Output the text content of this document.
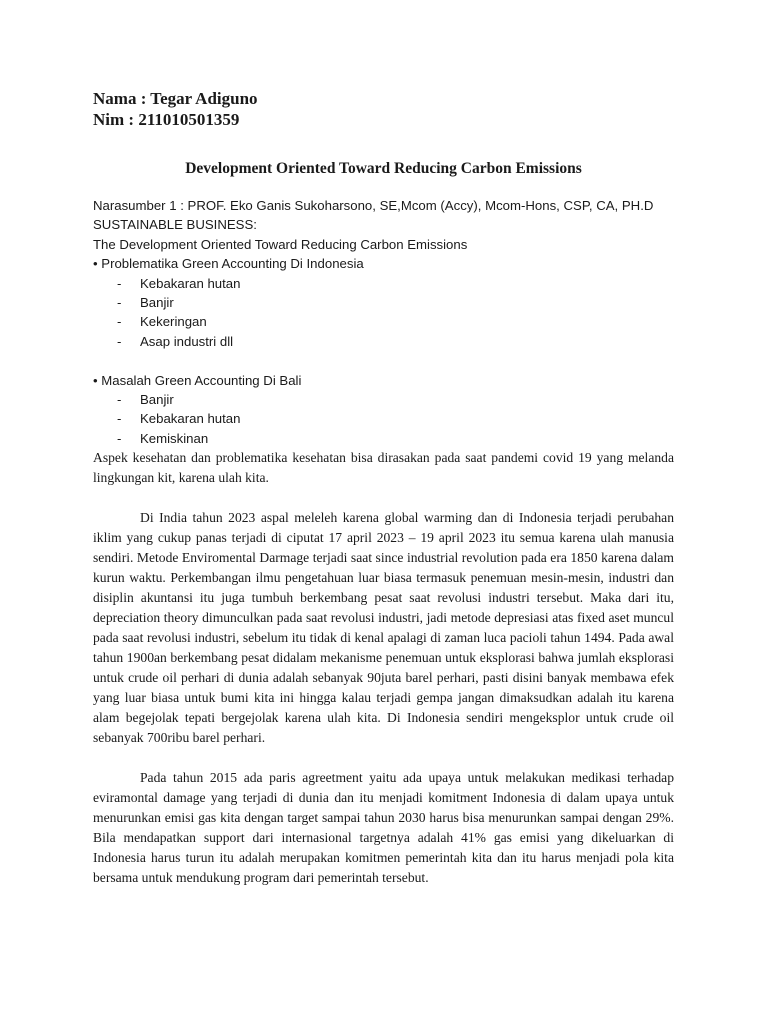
Nama : Tegar Adiguno

Nim : 211010501359

Development Oriented Toward Reducing Carbon Emissions

Narasumber 1 : PROF. Eko Ganis Sukoharsono, SE,Mcom (Accy), Mcom-Hons, CSP, CA, PH.D

SUSTAINABLE BUSINESS:

The Development Oriented Toward Reducing Carbon Emissions

• Problematika Green Accounting Di Indonesia

- Kebakaran hutan
- Banjir
- Kekeringan
- Asap industri dll

• Masalah Green Accounting Di Bali

- Banjir
- Kebakaran hutan
- Kemiskinan

Aspek kesehatan dan problematika kesehatan bisa dirasakan pada saat pandemi covid 19 yang melanda lingkungan kit, karena ulah kita.

Di India tahun 2023 aspal meleleh karena global warming dan di Indonesia terjadi perubahan iklim yang cukup panas terjadi di ciputat 17 april 2023 – 19 april 2023 itu semua karena ulah manusia sendiri. Metode Enviromental Darmage terjadi saat since industrial revolution pada era 1850 karena dalam kurun waktu. Perkembangan ilmu pengetahuan luar biasa termasuk penemuan mesin-mesin, industri dan disiplin akuntansi itu juga tumbuh berkembang pesat saat revolusi industri tersebut. Maka dari itu, depreciation theory dimunculkan pada saat revolusi industri, jadi metode depresiasi atas fixed aset muncul pada saat revolusi industri, sebelum itu tidak di kenal apalagi di zaman luca pacioli tahun 1494. Pada awal tahun 1900an berkembang pesat didalam mekanisme penemuan untuk eksplorasi bahwa jumlah eksplorasi untuk crude oil perhari di dunia adalah sebanyak 90juta barel perhari, pasti disini banyak membawa efek yang luar biasa untuk bumi kita ini hingga kalau terjadi gempa jangan dimaksudkan adalah itu karena alam begejolak tepati bergejolak karena ulah kita. Di Indonesia sendiri mengeksplor untuk crude oil sebanyak 700ribu barel perhari.

Pada tahun 2015 ada paris agreetment yaitu ada upaya untuk melakukan medikasi terhadap eviramontal damage yang terjadi di dunia dan itu menjadi komitment Indonesia di dalam upaya untuk menurunkan emisi gas kita dengan target sampai tahun 2030 harus bisa menurunkan sampai dengan 29%. Bila mendapatkan support dari internasional targetnya adalah 41% gas emisi yang dikeluarkan di Indonesia harus turun itu adalah merupakan komitmen pemerintah kita dan itu harus menjadi pola kita bersama untuk mendukung program dari pemerintah tersebut.
